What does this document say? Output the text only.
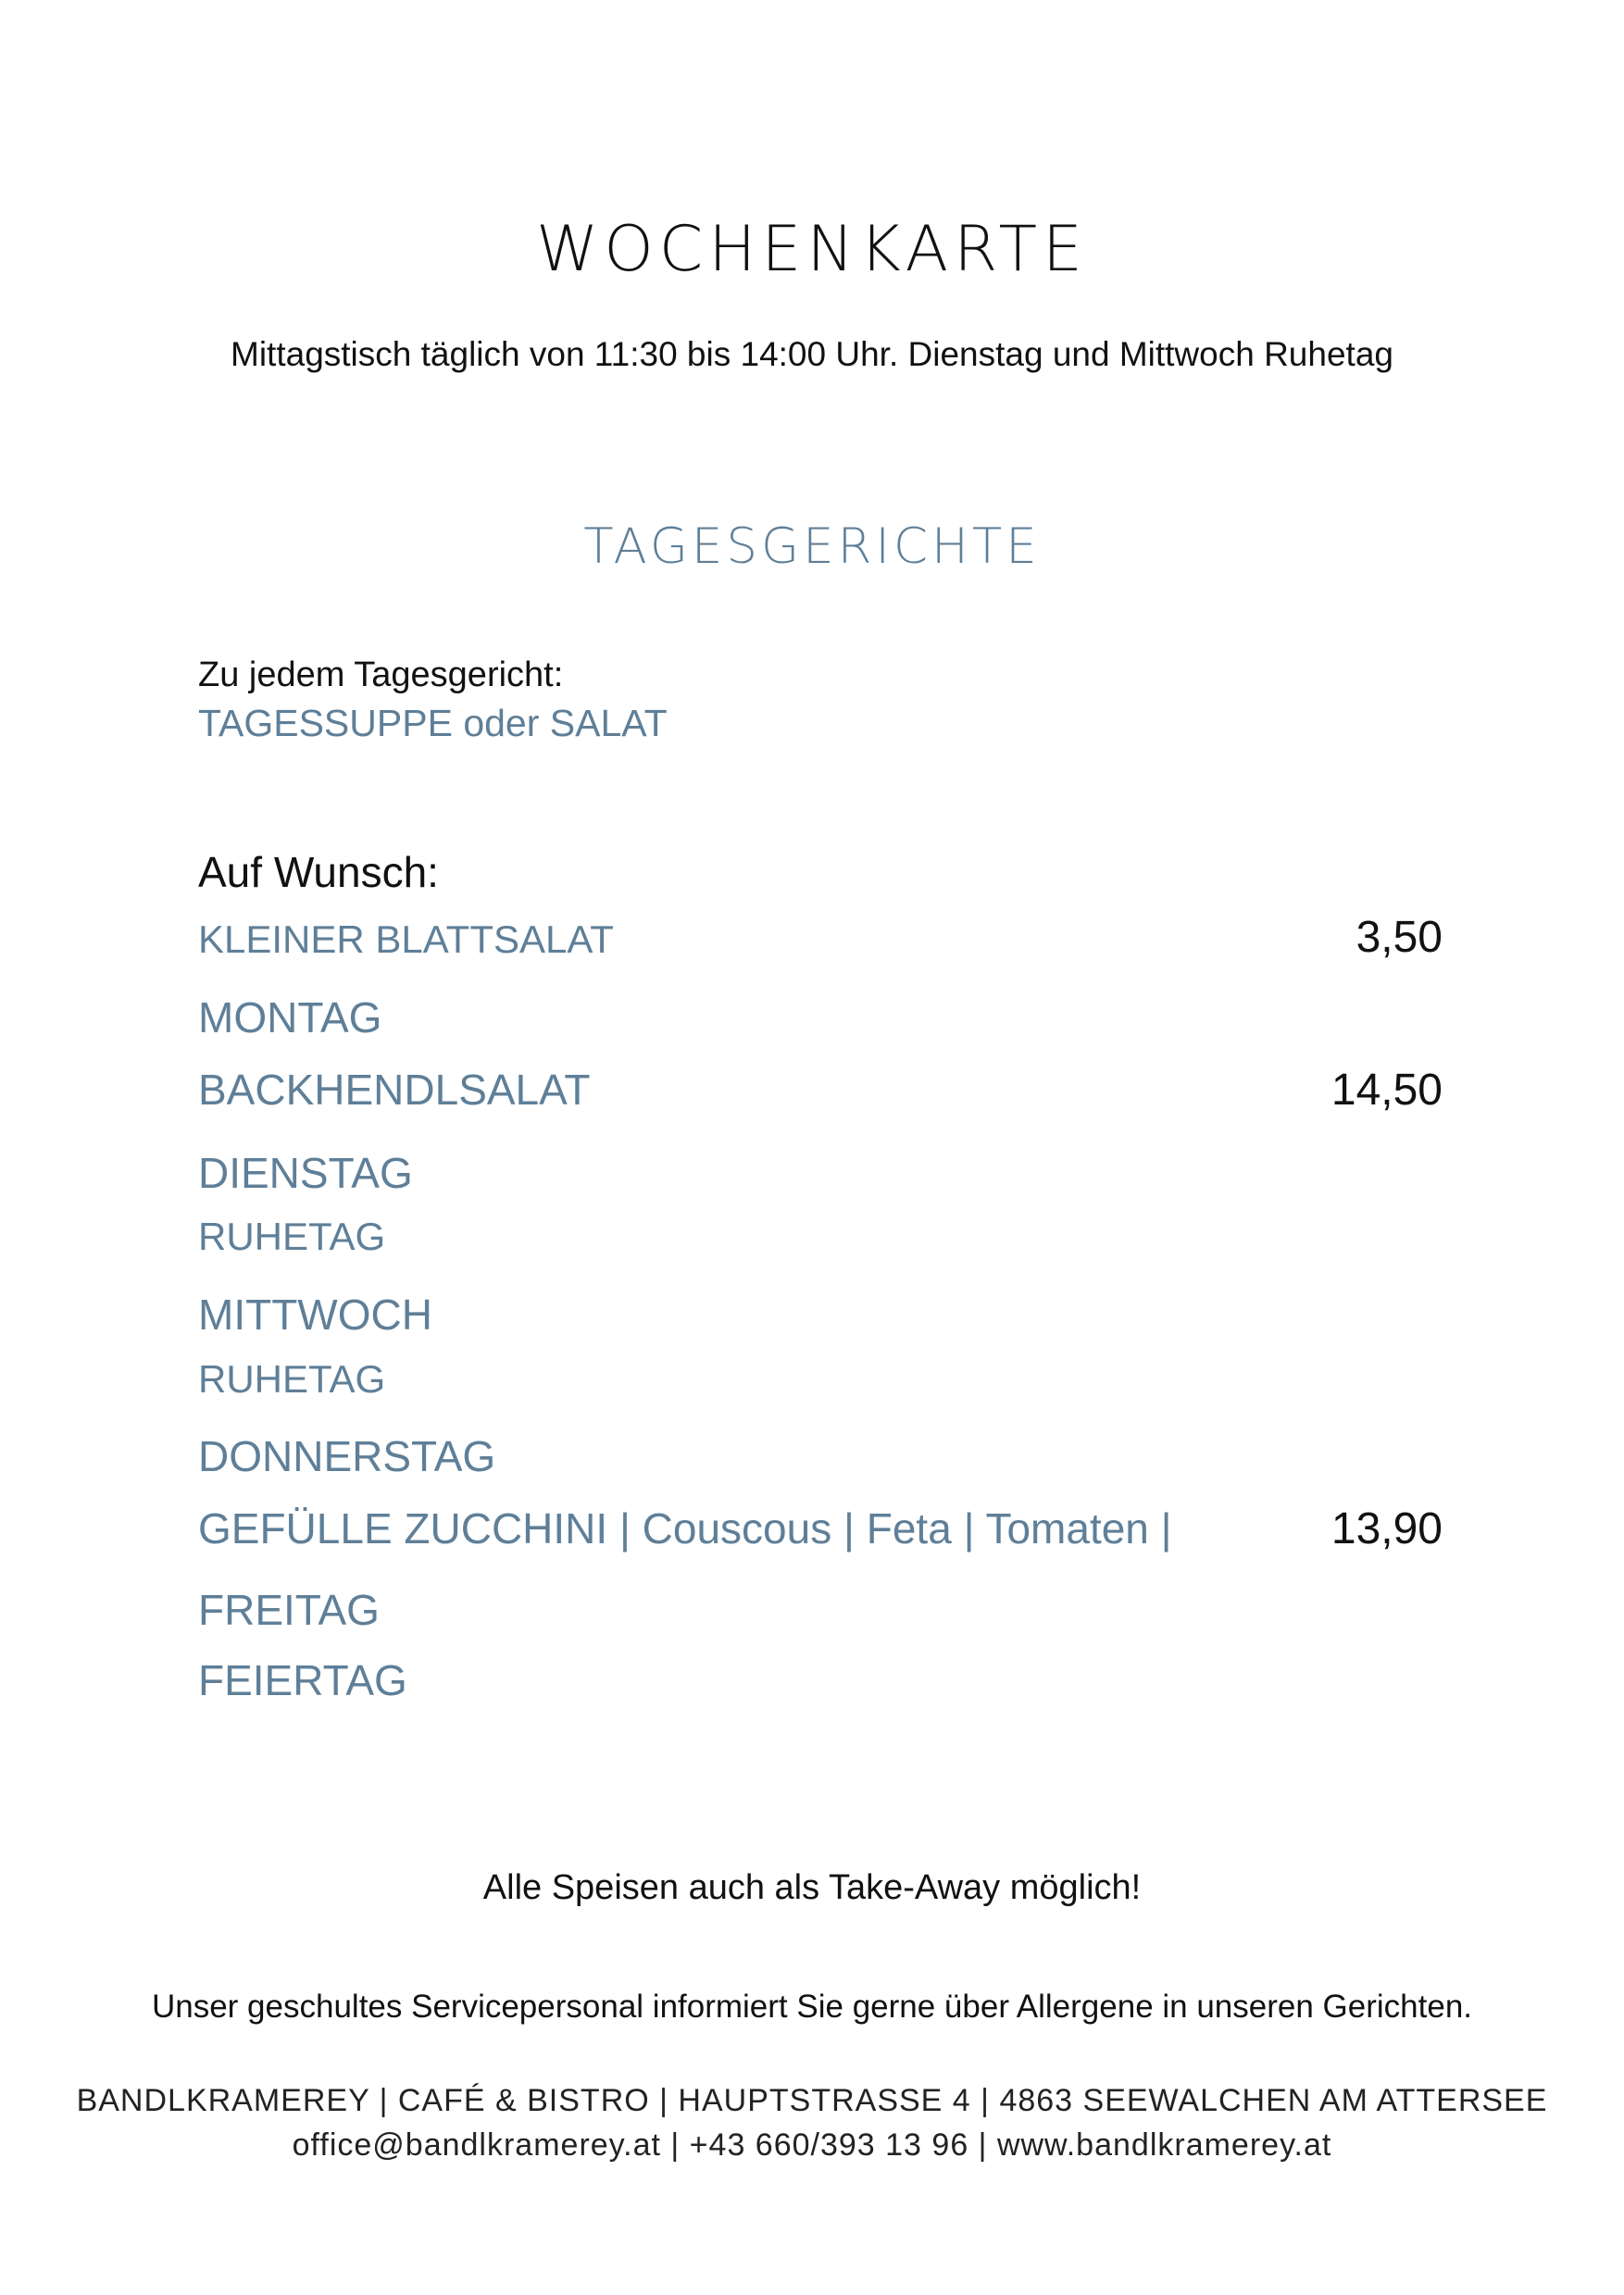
WOCHENKARTE
Mittagstisch täglich von 11:30 bis 14:00 Uhr. Dienstag und Mittwoch Ruhetag
TAGESGERICHTE
Zu jedem Tagesgericht:
TAGESSUPPE oder SALAT
Auf Wunsch:
KLEINER BLATTSALAT	3,50
MONTAG
BACKHENDLSALAT	14,50
DIENSTAG
RUHETAG
MITTWOCH
RUHETAG
DONNERSTAG
GEFÜLLE ZUCCHINI | Couscous | Feta | Tomaten |	13,90
FREITAG
FEIERTAG
Alle Speisen auch als Take-Away möglich!
Unser geschultes Servicepersonal informiert Sie gerne über Allergene in unseren Gerichten.
BANDLKRAMEREY | CAFÉ & BISTRO | HAUPTSTRASSE 4 | 4863 SEEWALCHEN AM ATTERSEE
office@bandlkramerey.at | +43 660/393 13 96 | www.bandlkramerey.at
